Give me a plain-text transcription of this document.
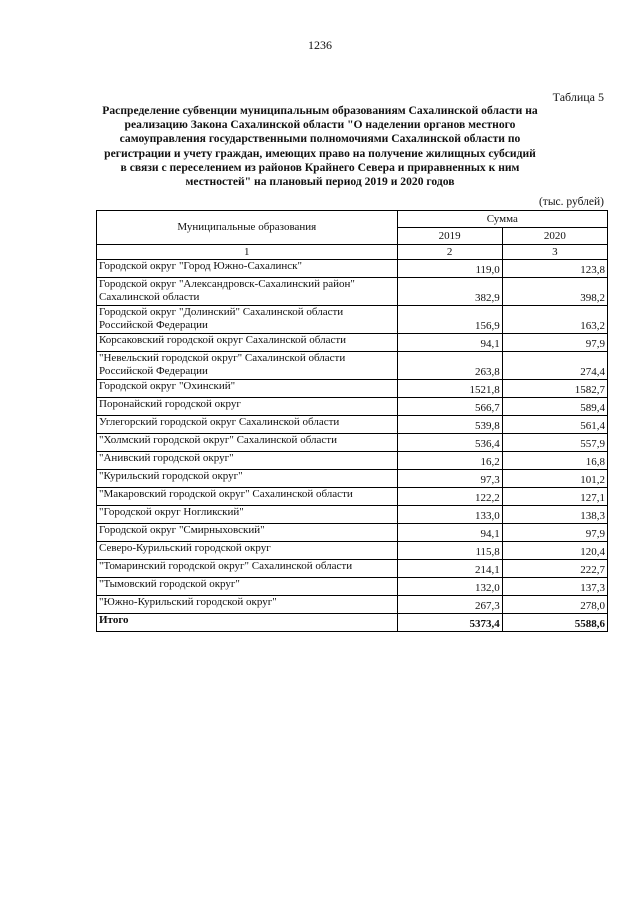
1236
Таблица 5
Распределение субвенции муниципальным образованиям Сахалинской области на реализацию Закона Сахалинской области "О наделении органов местного самоуправления государственными полномочиями Сахалинской области по регистрации и учету граждан, имеющих право на получение жилищных субсидий в связи с переселением из районов Крайнего Севера и приравненных к ним местностей" на плановый период 2019 и 2020 годов
(тыс. рублей)
Муниципальные образования	Сумма	
	2019	2020
1	2	3
Городской округ "Город Южно-Сахалинск"	119,0	123,8
Городской округ "Александровск-Сахалинский район" Сахалинской области	382,9	398,2
Городской округ "Долинский" Сахалинской области Российской Федерации	156,9	163,2
Корсаковский городской округ Сахалинской области	94,1	97,9
"Невельский городской округ" Сахалинской области Российской Федерации	263,8	274,4
Городской округ "Охинский"	1521,8	1582,7
Поронайский городской округ	566,7	589,4
Углегорский городской округ Сахалинской области	539,8	561,4
"Холмский городской округ" Сахалинской области	536,4	557,9
"Анивский городской округ"	16,2	16,8
"Курильский городской округ"	97,3	101,2
"Макаровский городской округ" Сахалинской области	122,2	127,1
"Городской округ Ногликский"	133,0	138,3
Городской округ "Смирныховский"	94,1	97,9
Северо-Курильский городской округ	115,8	120,4
"Томаринский городской округ" Сахалинской области	214,1	222,7
"Тымовский городской округ"	132,0	137,3
"Южно-Курильский городской округ"	267,3	278,0
Итого	5373,4	5588,6
